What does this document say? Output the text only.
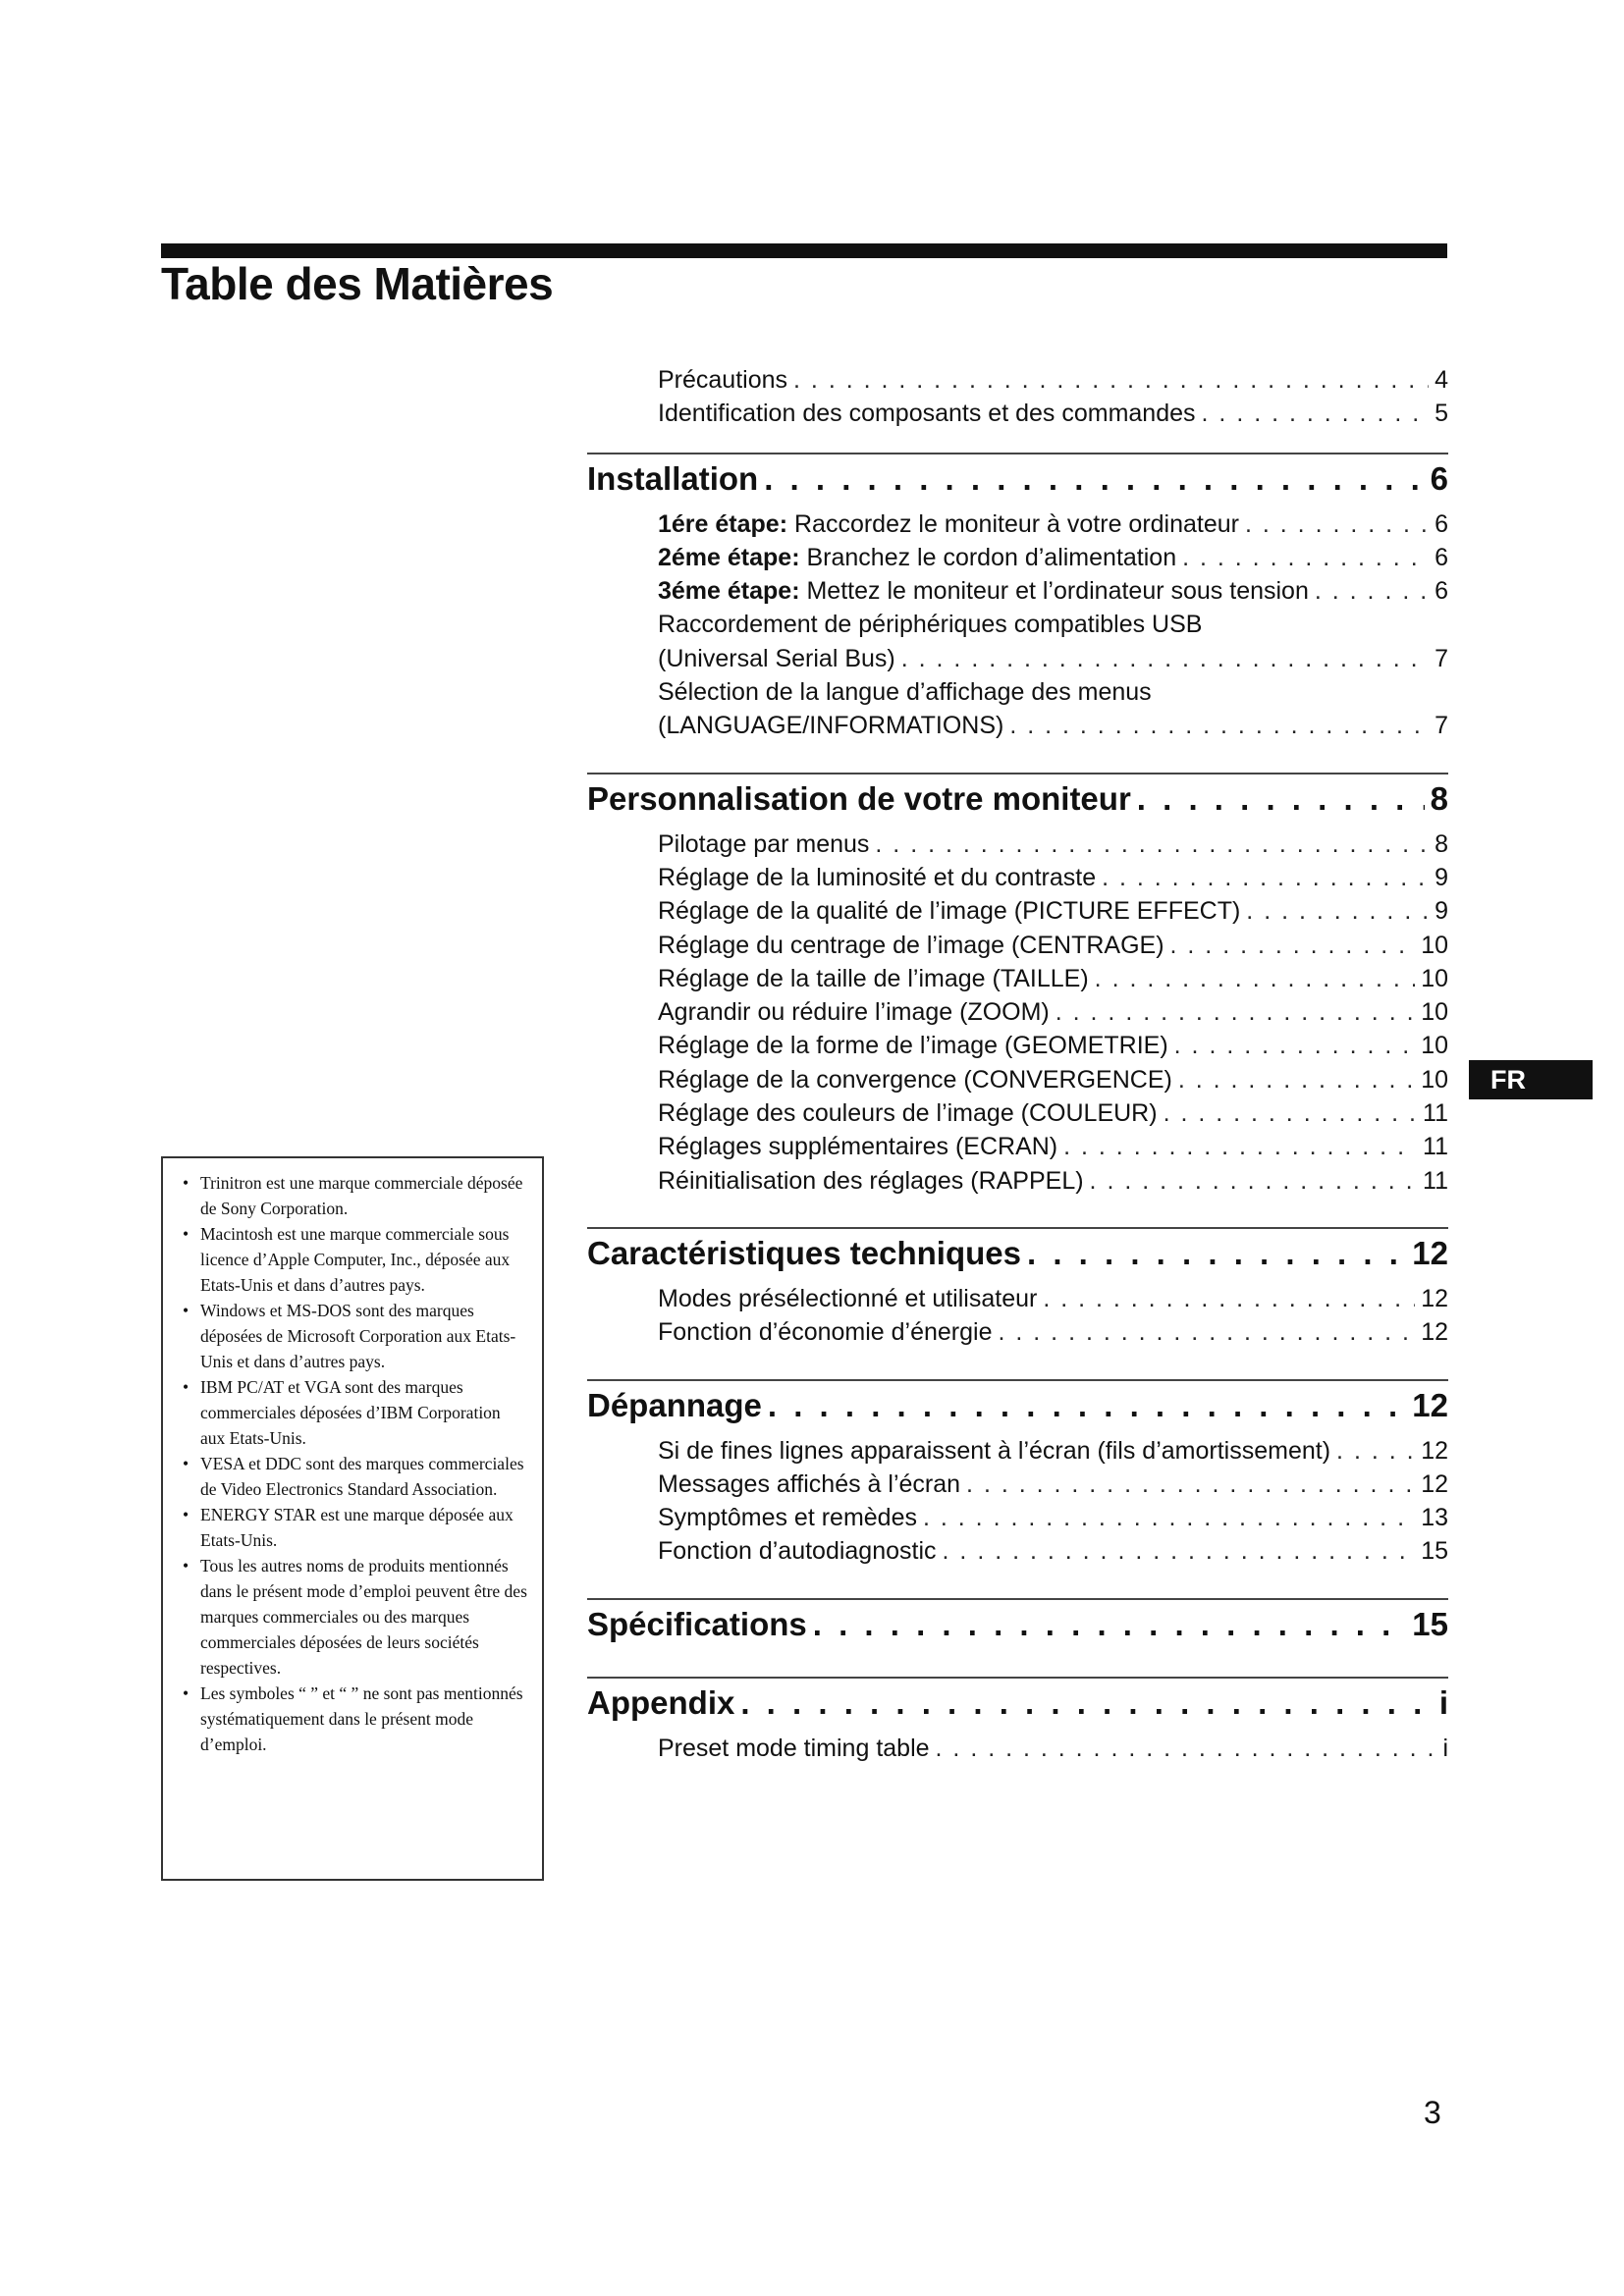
Table des Matières
Précautions . . .	4
Identification des composants et des commandes . . .	5
Installation . . .	6
1ére étape: Raccordez le moniteur à votre ordinateur . . .	6
2éme étape: Branchez le cordon d’alimentation . . .	6
3éme étape: Mettez le moniteur et l’ordinateur sous tension . . .	6
Raccordement de périphériques compatibles USB
(Universal Serial Bus) . . .	7
Sélection de la langue d’affichage des menus
(LANGUAGE/INFORMATIONS) . . .	7
Personnalisation de votre moniteur . . .	8
Pilotage par menus . . .	8
Réglage de la luminosité et du contraste . . .	9
Réglage de la qualité de l’image (PICTURE EFFECT) . . .	9
Réglage du centrage de l’image (CENTRAGE) . . .	10
Réglage de la taille de l’image (TAILLE) . . .	10
Agrandir ou réduire l’image (ZOOM) . . .	10
Réglage de la forme de l’image (GEOMETRIE) . . .	10
Réglage de la convergence (CONVERGENCE) . . .	10
Réglage des couleurs de l’image (COULEUR) . . .	11
Réglages supplémentaires (ECRAN) . . .	11
Réinitialisation des réglages (RAPPEL) . . .	11
Caractéristiques techniques . . .	12
Modes présélectionné et utilisateur . . .	12
Fonction d’économie d’énergie . . .	12
Dépannage . . .	12
Si de fines lignes apparaissent à l’écran (fils d’amortissement) . . .	12
Messages affichés à l’écran . . .	12
Symptômes et remèdes . . .	13
Fonction d’autodiagnostic . . .	15
Spécifications . . .	15
Appendix . . .	i
Preset mode timing table . . .	i
FR
• Trinitron est une marque commerciale déposée de Sony Corporation.
• Macintosh est une marque commerciale sous licence d’Apple Computer, Inc., déposée aux Etats-Unis et dans d’autres pays.
• Windows et MS-DOS sont des marques déposées de Microsoft Corporation aux Etats-Unis et dans d’autres pays.
• IBM PC/AT et VGA sont des marques commerciales déposées d’IBM Corporation aux Etats-Unis.
• VESA et DDC sont des marques commerciales de Video Electronics Standard Association.
• ENERGY STAR est une marque déposée aux Etats-Unis.
• Tous les autres noms de produits mentionnés dans le présent mode d’emploi peuvent être des marques commerciales ou des marques commerciales déposées de leurs sociétés respectives.
• Les symboles “ ” et “ ” ne sont pas mentionnés systématiquement dans le présent mode d’emploi.
3
